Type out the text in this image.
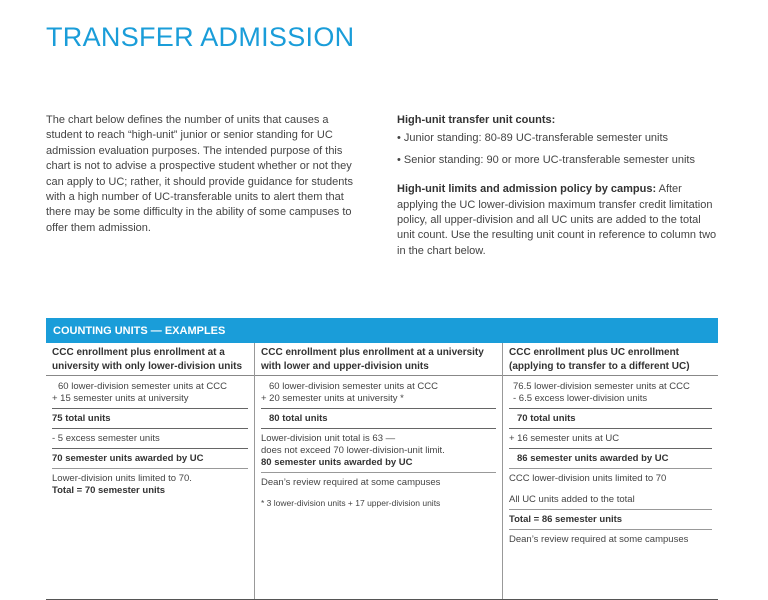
TRANSFER ADMISSION

The chart below defines the number of units that causes a student to reach “high-unit” junior or senior standing for UC admission evaluation purposes. The intended purpose of this chart is not to advise a prospective student whether or not they can apply to UC; rather, it should provide guidance for students with a high number of UC-transferable units to alert them that there may be some difficulty in the ability of some campuses to offer them admission.

High-unit transfer unit counts:
• Junior standing: 80-89 UC-transferable semester units
• Senior standing: 90 or more UC-transferable semester units

High-unit limits and admission policy by campus: After applying the UC lower-division maximum transfer credit limitation policy, all upper-division and all UC units are added to the total unit count. Use the resulting unit count in reference to column two in the chart below.

COUNTING UNITS — EXAMPLES
CCC enrollment plus enrollment at a university with only lower-division units

60 lower-division semester units at CCC

+ 15 semester units at university

75 total units

- 5 excess semester units

70 semester units awarded by UC

Lower-division units limited to 70.

Total = 70 semester units

CCC enrollment plus enrollment at a university with lower and upper-division units

60 lower-division semester units at CCC

+ 20 semester units at university *

80 total units

Lower-division unit total is 63 —

does not exceed 70 lower-division-unit limit.

80 semester units awarded by UC

Dean’s review required at some campuses

* 3 lower-division units + 17 upper-division units

CCC enrollment plus UC enrollment (applying to transfer to a different UC)

76.5 lower-division semester units at CCC

- 6.5 excess lower-division units

70 total units

+ 16 semester units at UC

86 semester units awarded by UC

CCC lower-division units limited to 70

All UC units added to the total

Total = 86 semester units

Dean’s review required at some campuses
